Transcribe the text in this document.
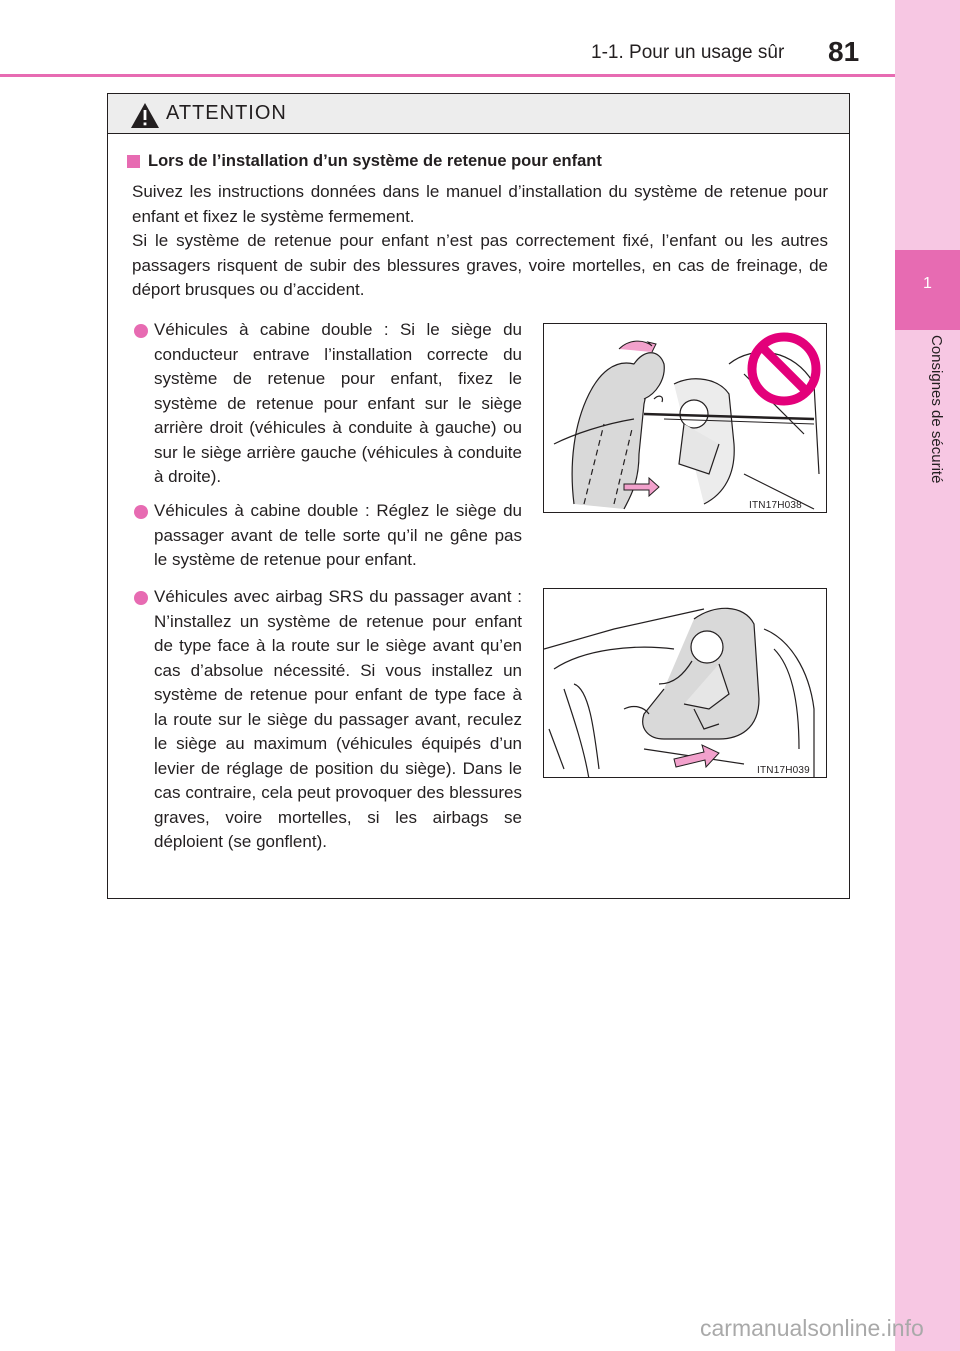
1-1. Pour un usage sûr 81
1
Consignes de sécurité
ATTENTION
Lors de l’installation d’un système de retenue pour enfant
Suivez les instructions données dans le manuel d’installation du système de retenue pour enfant et fixez le système fermement.
Si le système de retenue pour enfant n’est pas correctement fixé, l’enfant ou les autres passagers risquent de subir des blessures graves, voire mortelles, en cas de freinage, de déport brusques ou d’accident.
Véhicules à cabine double : Si le siège du conducteur entrave l’installation correcte du système de retenue pour enfant, fixez le système de retenue pour enfant sur le siège arrière droit (véhicules à conduite à gauche) ou sur le siège arrière gauche (véhicules à conduite à droite).
Véhicules à cabine double : Réglez le siège du passager avant de telle sorte qu’il ne gêne pas le système de retenue pour enfant.
Véhicules avec airbag SRS du passager avant : N’installez un système de retenue pour enfant de type face à la route sur le siège avant qu’en cas d’absolue nécessité. Si vous installez un système de retenue pour enfant de type face à la route sur le siège du passager avant, reculez le siège au maximum (véhicules équipés d’un levier de réglage de position du siège). Dans le cas contraire, cela peut provoquer des blessures graves, voire mortelles, si les airbags se déploient (se gonflent).
ITN17H038
ITN17H039
carmanualsonline.info
